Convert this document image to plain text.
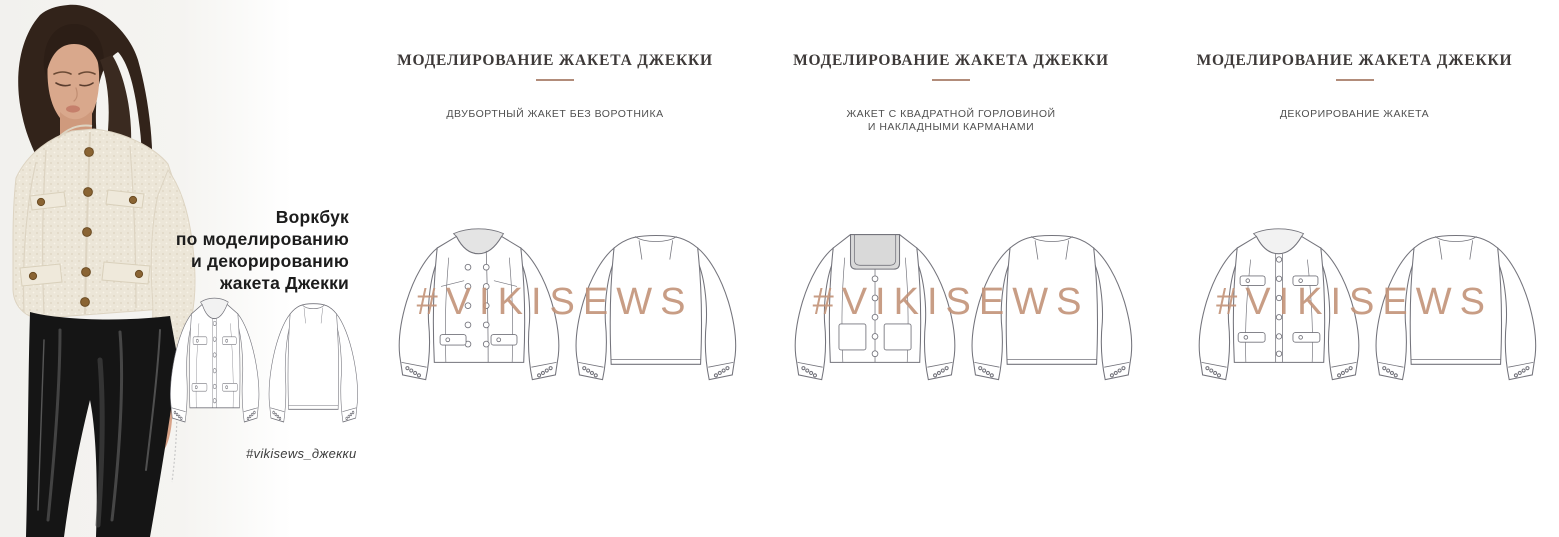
Воркбук
по моделированию
и декорированию
жакета Джекки
#vikisews_джекки
МОДЕЛИРОВАНИЕ ЖАКЕТА ДЖЕККИ
ДВУБОРТНЫЙ ЖАКЕТ БЕЗ ВОРОТНИКА
#VIKISEWS
МОДЕЛИРОВАНИЕ ЖАКЕТА ДЖЕККИ
ЖАКЕТ С КВАДРАТНОЙ ГОРЛОВИНОЙ
И НАКЛАДНЫМИ КАРМАНАМИ
#VIKISEWS
МОДЕЛИРОВАНИЕ ЖАКЕТА ДЖЕККИ
ДЕКОРИРОВАНИЕ ЖАКЕТА
#VIKISEWS
